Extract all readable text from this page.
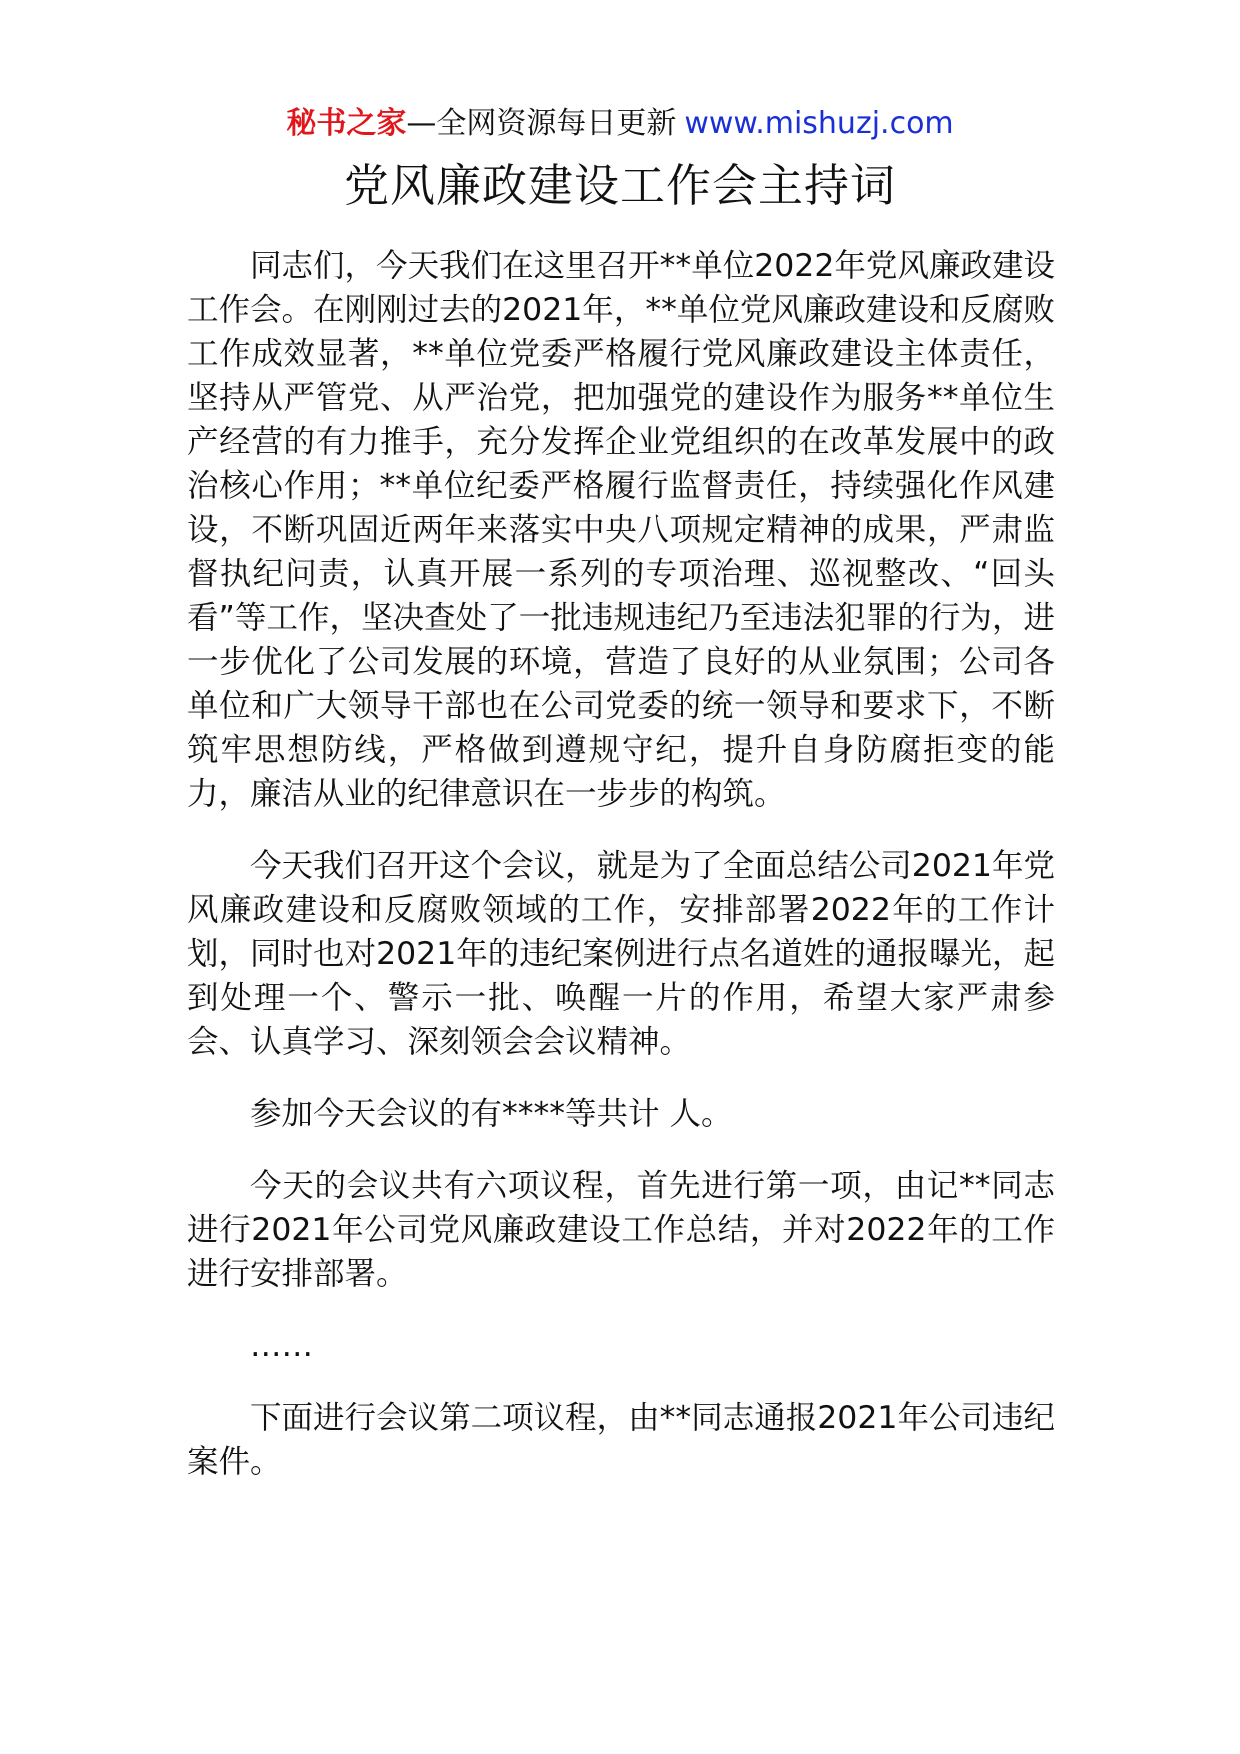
秘书之家—全网资源每日更新 www.mishuzj.com
党风廉政建设工作会主持词

同志们，今天我们在这里召开**单位2022年党风廉政建设工作会。在刚刚过去的2021年，**单位党风廉政建设和反腐败工作成效显著，**单位党委严格履行党风廉政建设主体责任，坚持从严管党、从严治党，把加强党的建设作为服务**单位生产经营的有力推手，充分发挥企业党组织的在改革发展中的政治核心作用；**单位纪委严格履行监督责任，持续强化作风建设，不断巩固近两年来落实中央八项规定精神的成果，严肃监督执纪问责，认真开展一系列的专项治理、巡视整改、“回头看”等工作，坚决查处了一批违规违纪乃至违法犯罪的行为，进一步优化了公司发展的环境，营造了良好的从业氛围；公司各单位和广大领导干部也在公司党委的统一领导和要求下，不断筑牢思想防线，严格做到遵规守纪，提升自身防腐拒变的能力，廉洁从业的纪律意识在一步步的构筑。

今天我们召开这个会议，就是为了全面总结公司2021年党风廉政建设和反腐败领域的工作，安排部署2022年的工作计划，同时也对2021年的违纪案例进行点名道姓的通报曝光，起到处理一个、警示一批、唤醒一片的作用，希望大家严肃参会、认真学习、深刻领会会议精神。

参加今天会议的有****等共计 人。

今天的会议共有六项议程，首先进行第一项，由记**同志进行2021年公司党风廉政建设工作总结，并对2022年的工作进行安排部署。

……

下面进行会议第二项议程，由**同志通报2021年公司违纪案件。
